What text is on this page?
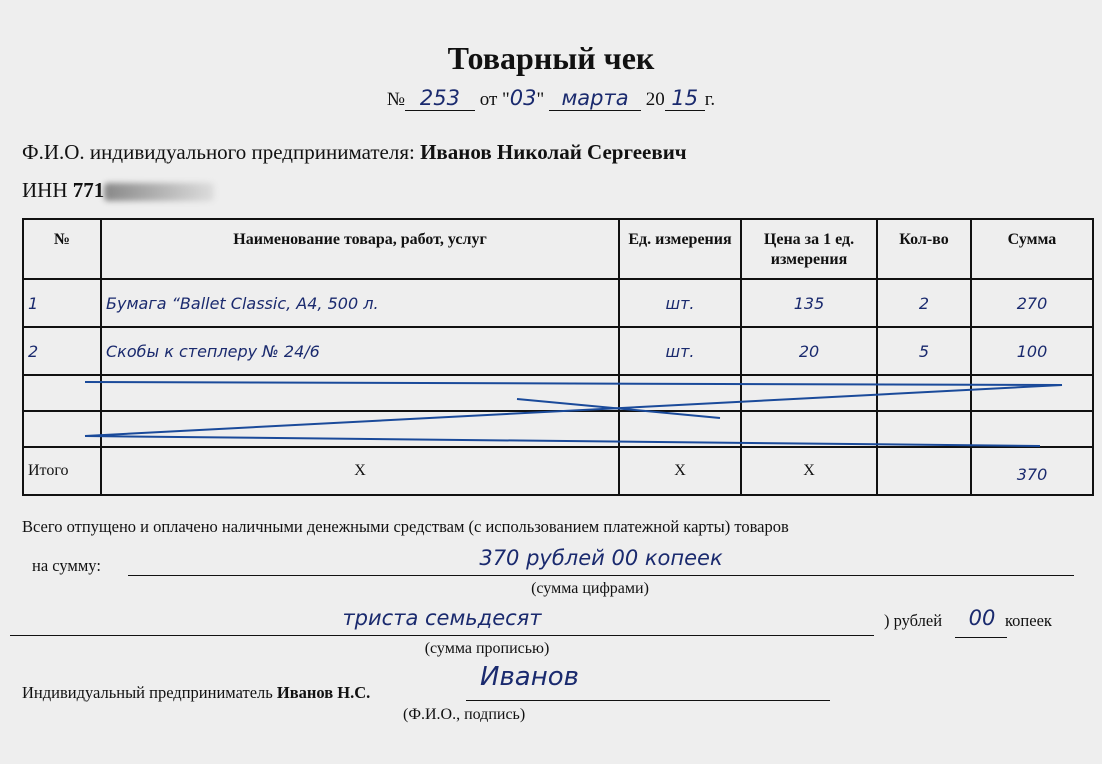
Товарный чек
№ 253 от "03" марта 20 15 г.
Ф.И.О. индивидуального предпринимателя: Иванов Николай Сергеевич
ИНН 771
№	Наименование товара, работ, услуг	Ед. измерения	Цена за 1 ед. измерения	Кол-во	Сумма
1	Бумага “Ballet Classic, A4, 500 л.	шт.	135	2	270
2	Скобы к степлеру № 24/6	шт.	20	5	100

Итого	X	X	X		370
Всего отпущено и оплачено наличными денежными средствам (с использованием платежной карты) товаров
на сумму:	370 рублей 00 копеек
(сумма цифрами)
триста семьдесят	) рублей	00 копеек
(сумма прописью)
Индивидуальный предприниматель Иванов Н.С.
Иванов
(Ф.И.О., подпись)
